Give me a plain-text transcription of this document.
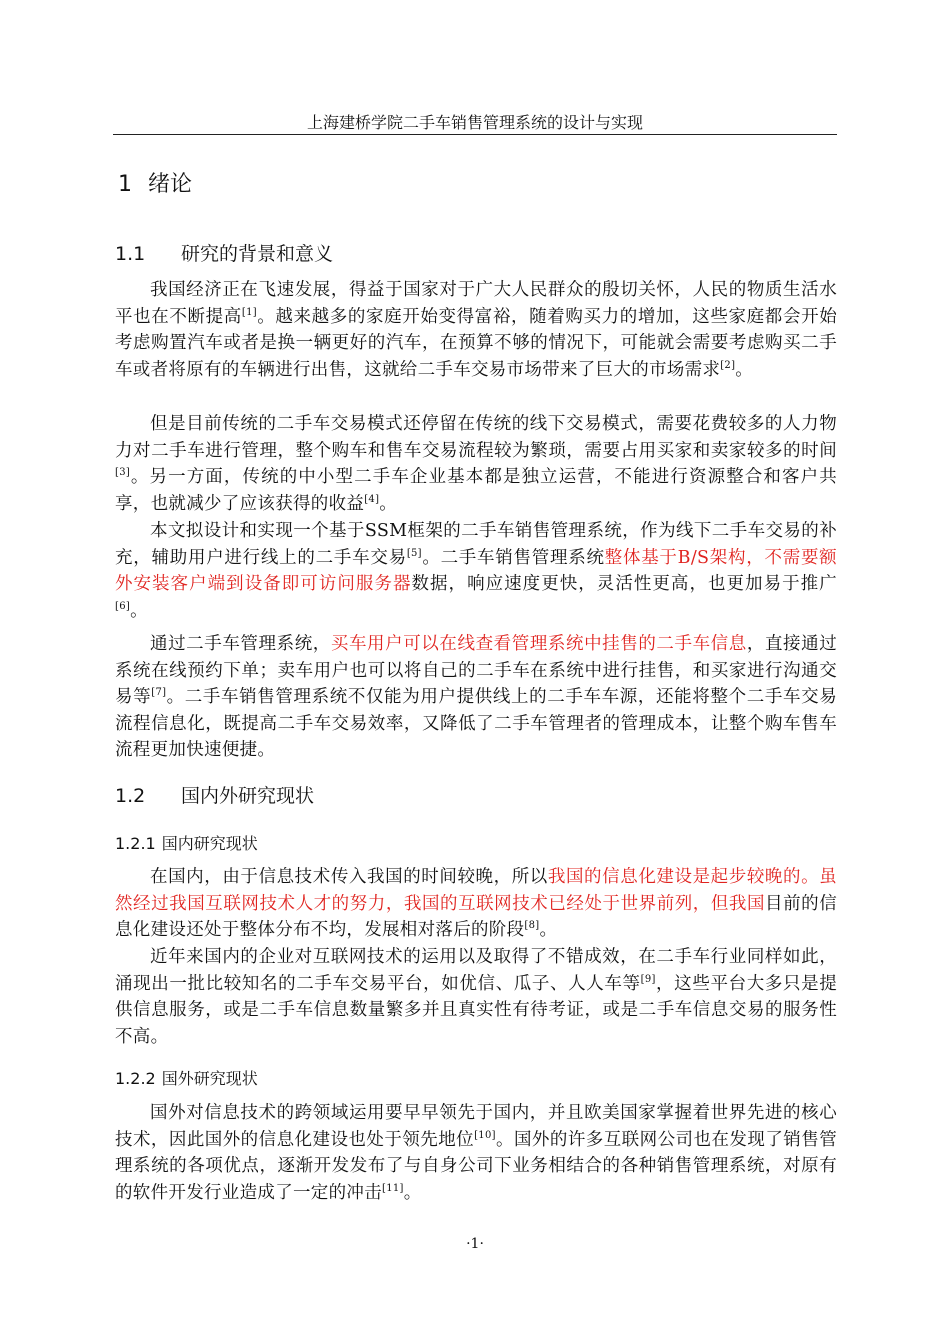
上海建桥学院二手车销售管理系统的设计与实现
1 绪论
1.1 研究的背景和意义

我国经济正在飞速发展，得益于国家对于广大人民群众的殷切关怀，人民的物质生活水平也在不断提高[1]。越来越多的家庭开始变得富裕，随着购买力的增加，这些家庭都会开始考虑购置汽车或者是换一辆更好的汽车，在预算不够的情况下，可能就会需要考虑购买二手车或者将原有的车辆进行出售，这就给二手车交易市场带来了巨大的市场需求[2]。

但是目前传统的二手车交易模式还停留在传统的线下交易模式，需要花费较多的人力物力对二手车进行管理，整个购车和售车交易流程较为繁琐，需要占用买家和卖家较多的时间[3]。另一方面，传统的中小型二手车企业基本都是独立运营，不能进行资源整合和客户共享，也就减少了应该获得的收益[4]。

本文拟设计和实现一个基于SSM框架的二手车销售管理系统，作为线下二手车交易的补充，辅助用户进行线上的二手车交易[5]。二手车销售管理系统整体基于B/S架构，不需要额外安装客户端到设备即可访问服务器数据，响应速度更快，灵活性更高，也更加易于推广[6]。

通过二手车管理系统，买车用户可以在线查看管理系统中挂售的二手车信息，直接通过系统在线预约下单；卖车用户也可以将自己的二手车在系统中进行挂售，和买家进行沟通交易等[7]。二手车销售管理系统不仅能为用户提供线上的二手车车源，还能将整个二手车交易流程信息化，既提高二手车交易效率，又降低了二手车管理者的管理成本，让整个购车售车流程更加快速便捷。

1.2 国内外研究现状
1.2.1 国内研究现状

在国内，由于信息技术传入我国的时间较晚，所以我国的信息化建设是起步较晚的。虽然经过我国互联网技术人才的努力，我国的互联网技术已经处于世界前列，但我国目前的信息化建设还处于整体分布不均，发展相对落后的阶段[8]。

近年来国内的企业对互联网技术的运用以及取得了不错成效，在二手车行业同样如此，涌现出一批比较知名的二手车交易平台，如优信、瓜子、人人车等[9]，这些平台大多只是提供信息服务，或是二手车信息数量繁多并且真实性有待考证，或是二手车信息交易的服务性不高。

1.2.2 国外研究现状

国外对信息技术的跨领域运用要早早领先于国内，并且欧美国家掌握着世界先进的核心技术，因此国外的信息化建设也处于领先地位[10]。国外的许多互联网公司也在发现了销售管理系统的各项优点，逐渐开发发布了与自身公司下业务相结合的各种销售管理系统，对原有的软件开发行业造成了一定的冲击[11]。

·1·
